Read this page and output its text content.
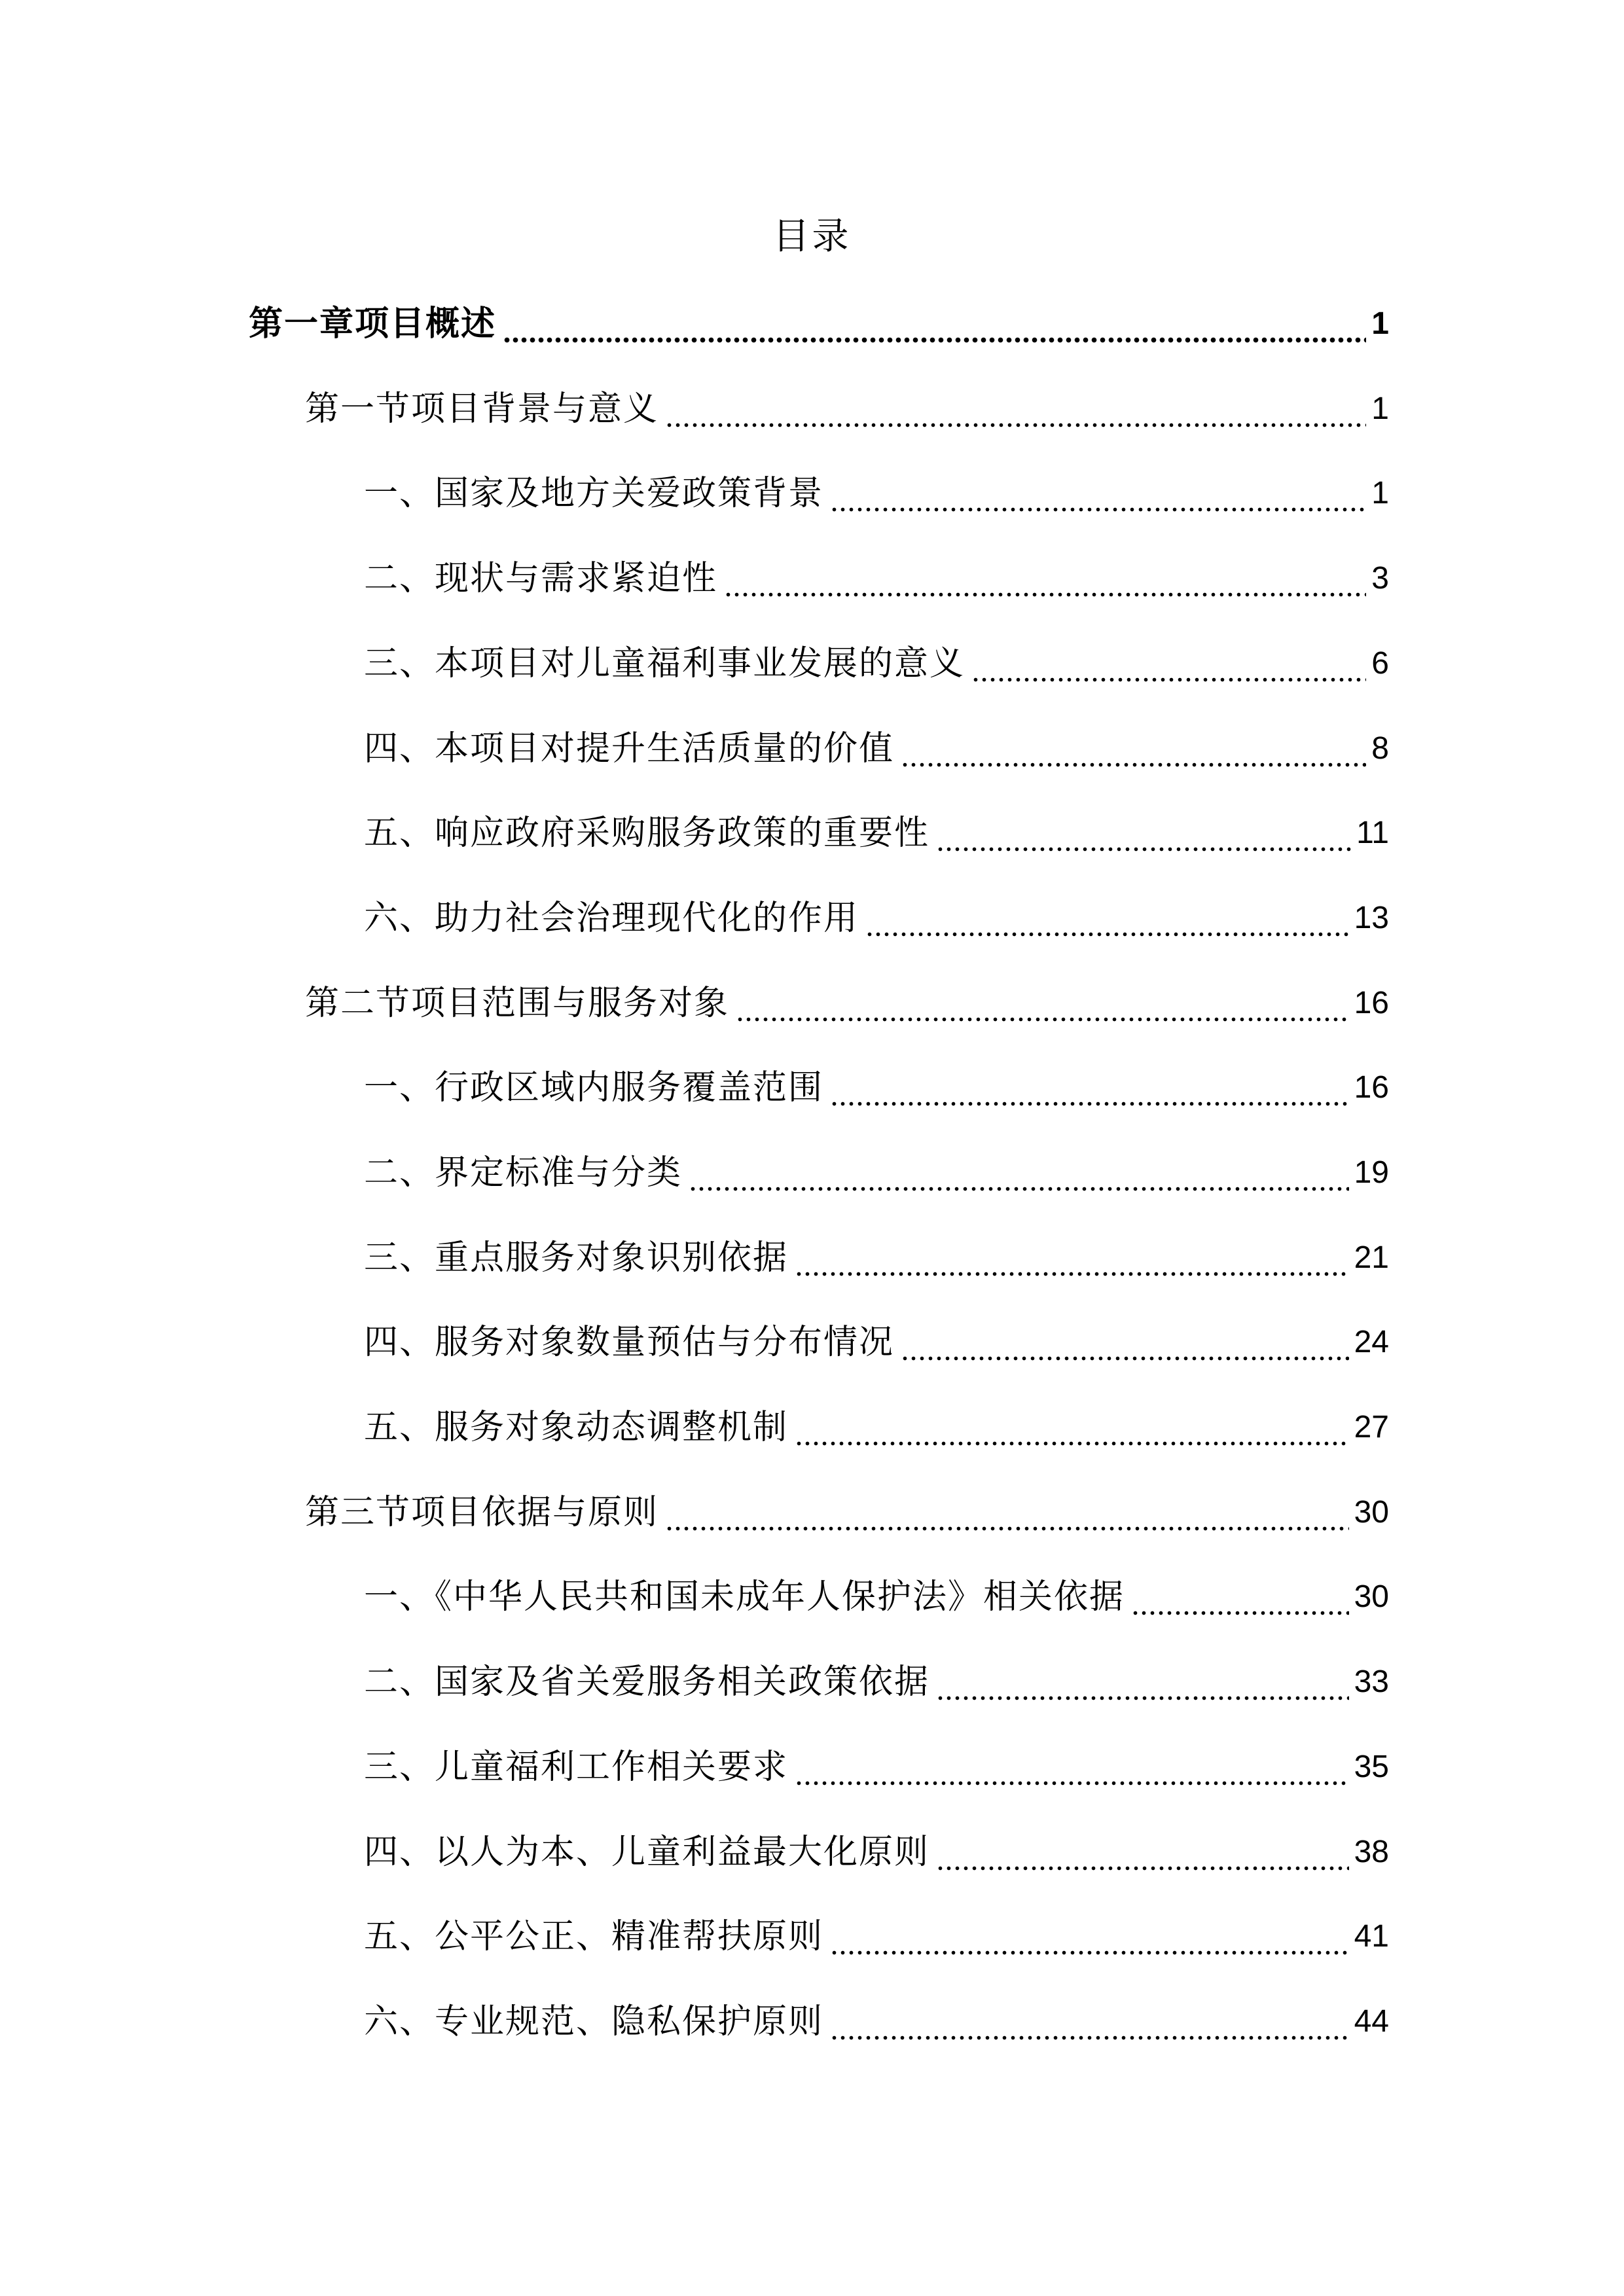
目录
第一章项目概述	1
第一节项目背景与意义	1
一、国家及地方关爱政策背景	1
二、现状与需求紧迫性	3
三、本项目对儿童福利事业发展的意义	6
四、本项目对提升生活质量的价值	8
五、响应政府采购服务政策的重要性	11
六、助力社会治理现代化的作用	13
第二节项目范围与服务对象	16
一、行政区域内服务覆盖范围	16
二、界定标准与分类	19
三、重点服务对象识别依据	21
四、服务对象数量预估与分布情况	24
五、服务对象动态调整机制	27
第三节项目依据与原则	30
一、《中华人民共和国未成年人保护法》相关依据	30
二、国家及省关爱服务相关政策依据	33
三、儿童福利工作相关要求	35
四、以人为本、儿童利益最大化原则	38
五、公平公正、精准帮扶原则	41
六、专业规范、隐私保护原则	44
